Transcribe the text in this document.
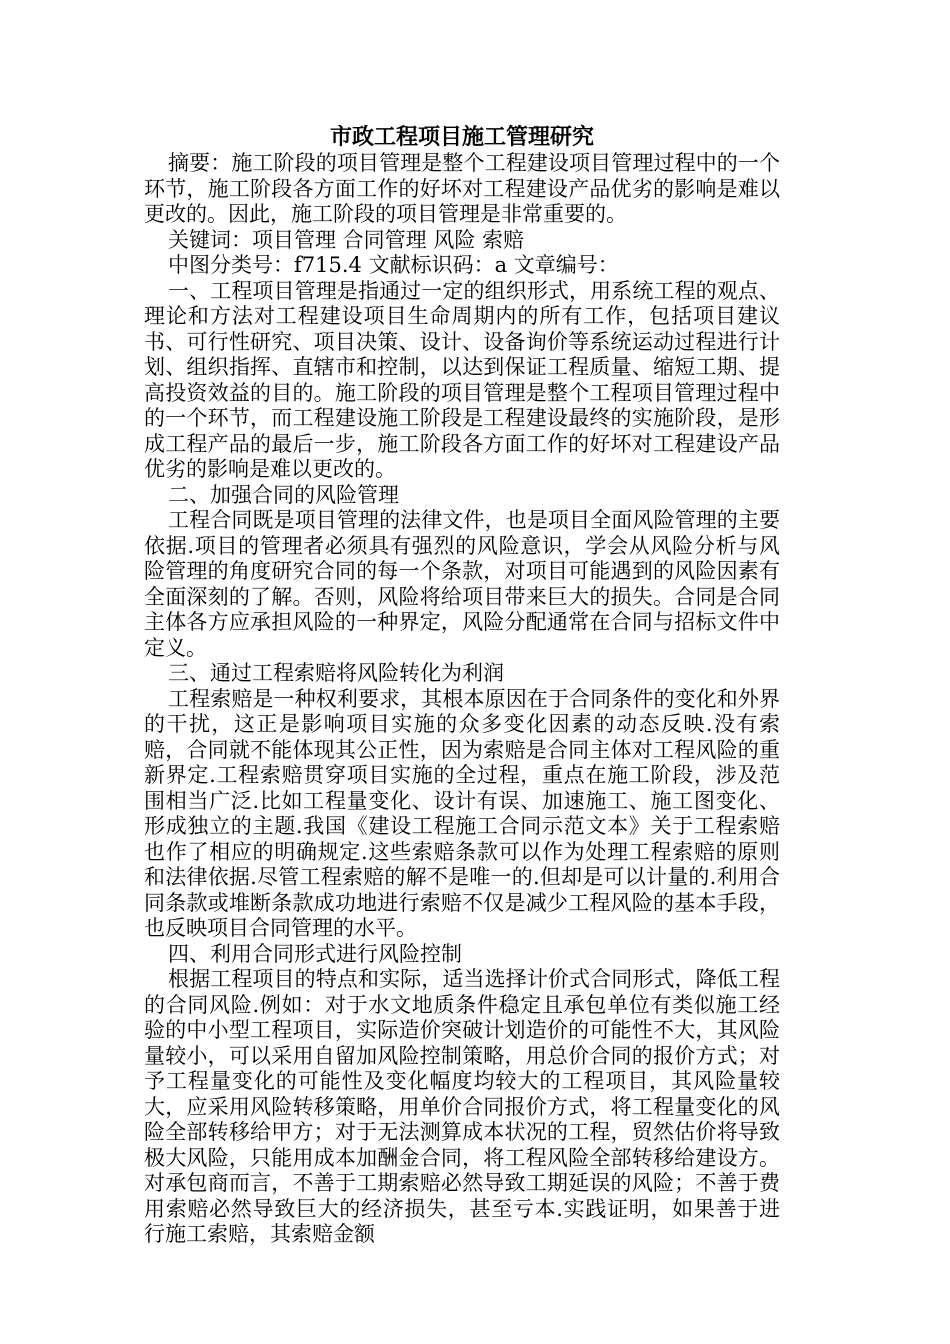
市政工程项目施工管理研究

摘要：施工阶段的项目管理是整个工程建设项目管理过程中的一个环节，施工阶段各方面工作的好坏对工程建设产品优劣的影响是难以更改的。因此，施工阶段的项目管理是非常重要的。

关键词：项目管理 合同管理 风险 索赔

中图分类号：f715.4 文献标识码：a 文章编号：

一、工程项目管理是指通过一定的组织形式，用系统工程的观点、理论和方法对工程建设项目生命周期内的所有工作，包括项目建议书、可行性研究、项目决策、设计、设备询价等系统运动过程进行计划、组织指挥、直辖市和控制，以达到保证工程质量、缩短工期、提高投资效益的目的。施工阶段的项目管理是整个工程项目管理过程中的一个环节，而工程建设施工阶段是工程建设最终的实施阶段，是形成工程产品的最后一步，施工阶段各方面工作的好坏对工程建设产品优劣的影响是难以更改的。

二、加强合同的风险管理

工程合同既是项目管理的法律文件，也是项目全面风险管理的主要依据.项目的管理者必须具有强烈的风险意识，学会从风险分析与风险管理的角度研究合同的每一个条款，对项目可能遇到的风险因素有全面深刻的了解。否则，风险将给项目带来巨大的损失。合同是合同主体各方应承担风险的一种界定，风险分配通常在合同与招标文件中定义。

三、通过工程索赔将风险转化为利润

工程索赔是一种权利要求，其根本原因在于合同条件的变化和外界的干扰，这正是影响项目实施的众多变化因素的动态反映.没有索赔，合同就不能体现其公正性，因为索赔是合同主体对工程风险的重新界定.工程索赔贯穿项目实施的全过程，重点在施工阶段，涉及范围相当广泛.比如工程量变化、设计有误、加速施工、施工图变化、形成独立的主题.我国《建设工程施工合同示范文本》关于工程索赔也作了相应的明确规定.这些索赔条款可以作为处理工程索赔的原则和法律依据.尽管工程索赔的解不是唯一的.但却是可以计量的.利用合同条款或堆断条款成功地进行索赔不仅是减少工程风险的基本手段，也反映项目合同管理的水平。

四、利用合同形式进行风险控制

根据工程项目的特点和实际，适当选择计价式合同形式，降低工程的合同风险.例如：对于水文地质条件稳定且承包单位有类似施工经验的中小型工程项目，实际造价突破计划造价的可能性不大，其风险量较小，可以采用自留加风险控制策略，用总价合同的报价方式；对予工程量变化的可能性及变化幅度均较大的工程项目，其风险量较大，应采用风险转移策略，用单价合同报价方式，将工程量变化的风险全部转移给甲方；对于无法测算成本状况的工程，贸然估价将导致极大风险，只能用成本加酬金合同，将工程风险全部转移给建设方。对承包商而言，不善于工期索赔必然导致工期延误的风险；不善于费用索赔必然导致巨大的经济损失，甚至亏本.实践证明，如果善于进行施工索赔，其索赔金额
